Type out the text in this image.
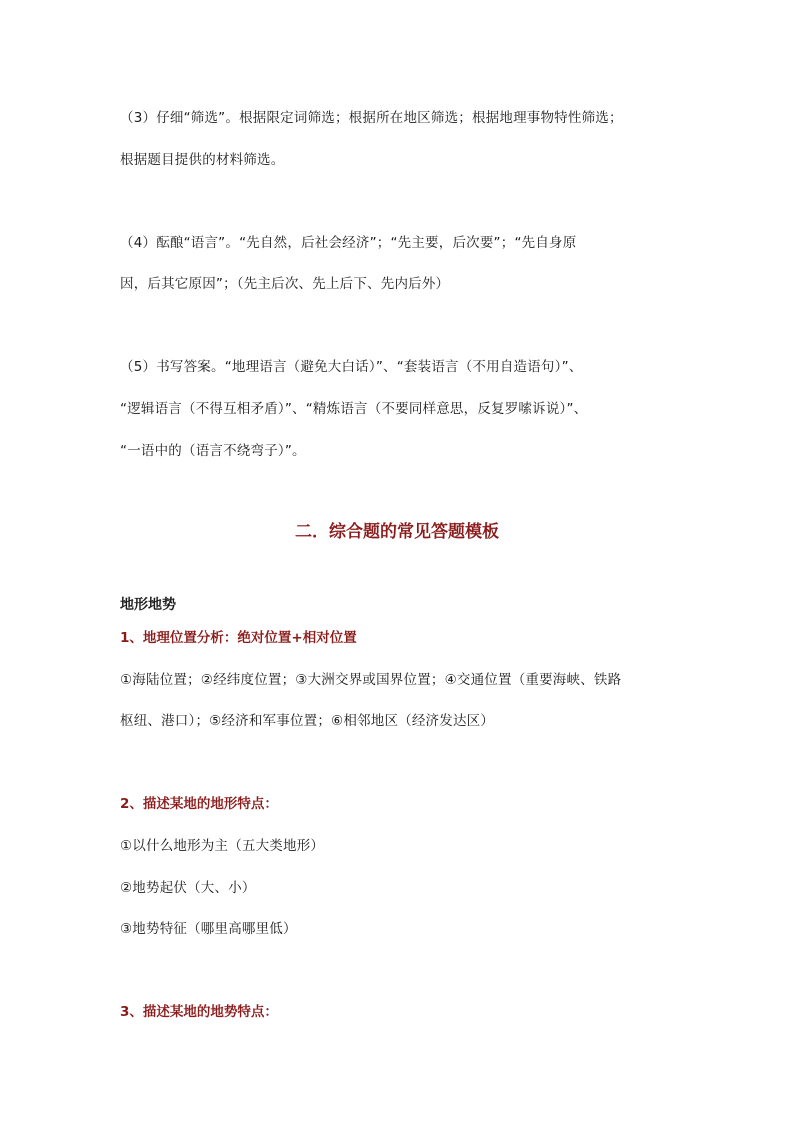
（3）仔细“筛选”。根据限定词筛选；根据所在地区筛选；根据地理事物特性筛选；
根据题目提供的材料筛选。
（4）酝酿“语言”。“先自然，后社会经济”；“先主要，后次要”；“先自身原
因，后其它原因”；（先主后次、先上后下、先内后外）
（5）书写答案。“地理语言（避免大白话）”、“套装语言（不用自造语句）”、
“逻辑语言（不得互相矛盾）”、“精炼语言（不要同样意思，反复罗嗦诉说）”、
“一语中的（语言不绕弯子）”。
二．综合题的常见答题模板
地形地势
1、地理位置分析：绝对位置+相对位置
①海陆位置；②经纬度位置；③大洲交界或国界位置；④交通位置（重要海峡、铁路
枢纽、港口）；⑤经济和军事位置；⑥相邻地区（经济发达区）
2、描述某地的地形特点：
①以什么地形为主（五大类地形）
②地势起伏（大、小）
③地势特征（哪里高哪里低）
3、描述某地的地势特点：
